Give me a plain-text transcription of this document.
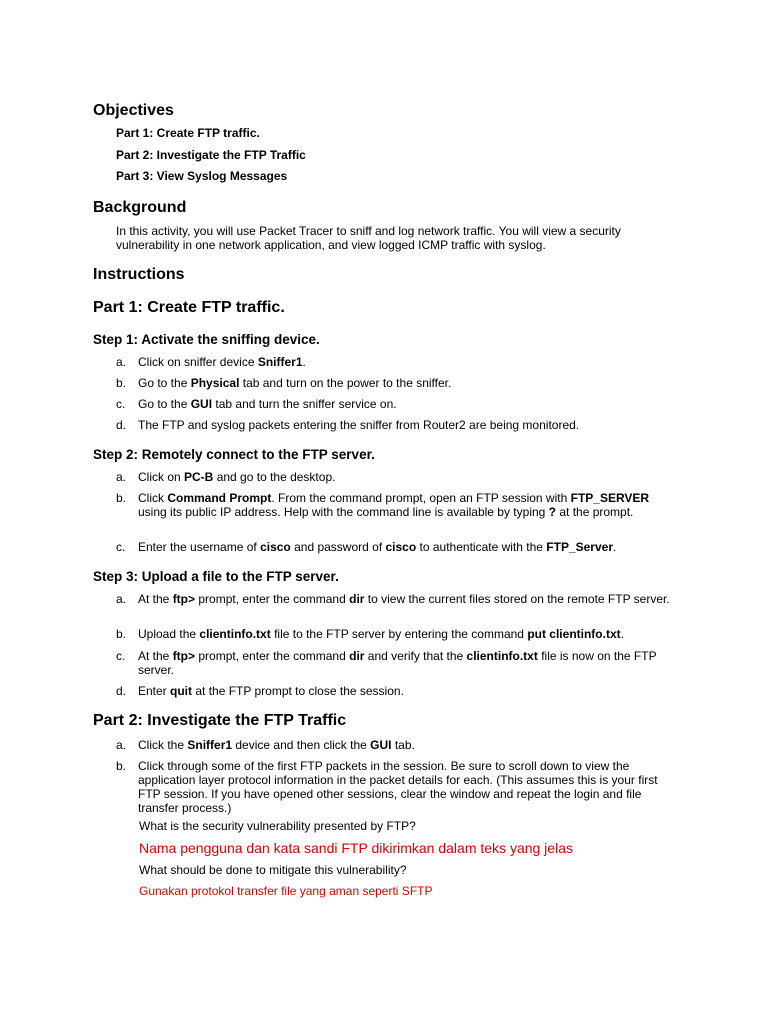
Objectives
Part 1: Create FTP traffic.
Part 2: Investigate the FTP Traffic
Part 3: View Syslog Messages
Background
In this activity, you will use Packet Tracer to sniff and log network traffic. You will view a security vulnerability in one network application, and view logged ICMP traffic with syslog.
Instructions
Part 1: Create FTP traffic.
Step 1: Activate the sniffing device.
a. Click on sniffer device Sniffer1.
b. Go to the Physical tab and turn on the power to the sniffer.
c.	Go to the GUI tab and turn the sniffer service on.
d. The FTP and syslog packets entering the sniffer from Router2 are being monitored.
Step 2: Remotely connect to the FTP server.
a. Click on PC-B and go to the desktop.
b. Click Command Prompt. From the command prompt, open an FTP session with FTP_SERVER using its public IP address. Help with the command line is available by typing ? at the prompt.
c.	Enter the username of cisco and password of cisco to authenticate with the FTP_Server.
Step 3: Upload a file to the FTP server.
a. At the ftp> prompt, enter the command dir to view the current files stored on the remote FTP server.
b. Upload the clientinfo.txt file to the FTP server by entering the command put clientinfo.txt.
c.	At the ftp> prompt, enter the command dir and verify that the clientinfo.txt file is now on the FTP server.
d. Enter quit at the FTP prompt to close the session.
Part 2: Investigate the FTP Traffic
a. Click the Sniffer1 device and then click the GUI tab.
b. Click through some of the first FTP packets in the session. Be sure to scroll down to view the application layer protocol information in the packet details for each. (This assumes this is your first FTP session. If you have opened other sessions, clear the window and repeat the login and file transfer process.)
What is the security vulnerability presented by FTP?
Nama pengguna dan kata sandi FTP dikirimkan dalam teks yang jelas
What should be done to mitigate this vulnerability?
Gunakan protokol transfer file yang aman seperti SFTP
